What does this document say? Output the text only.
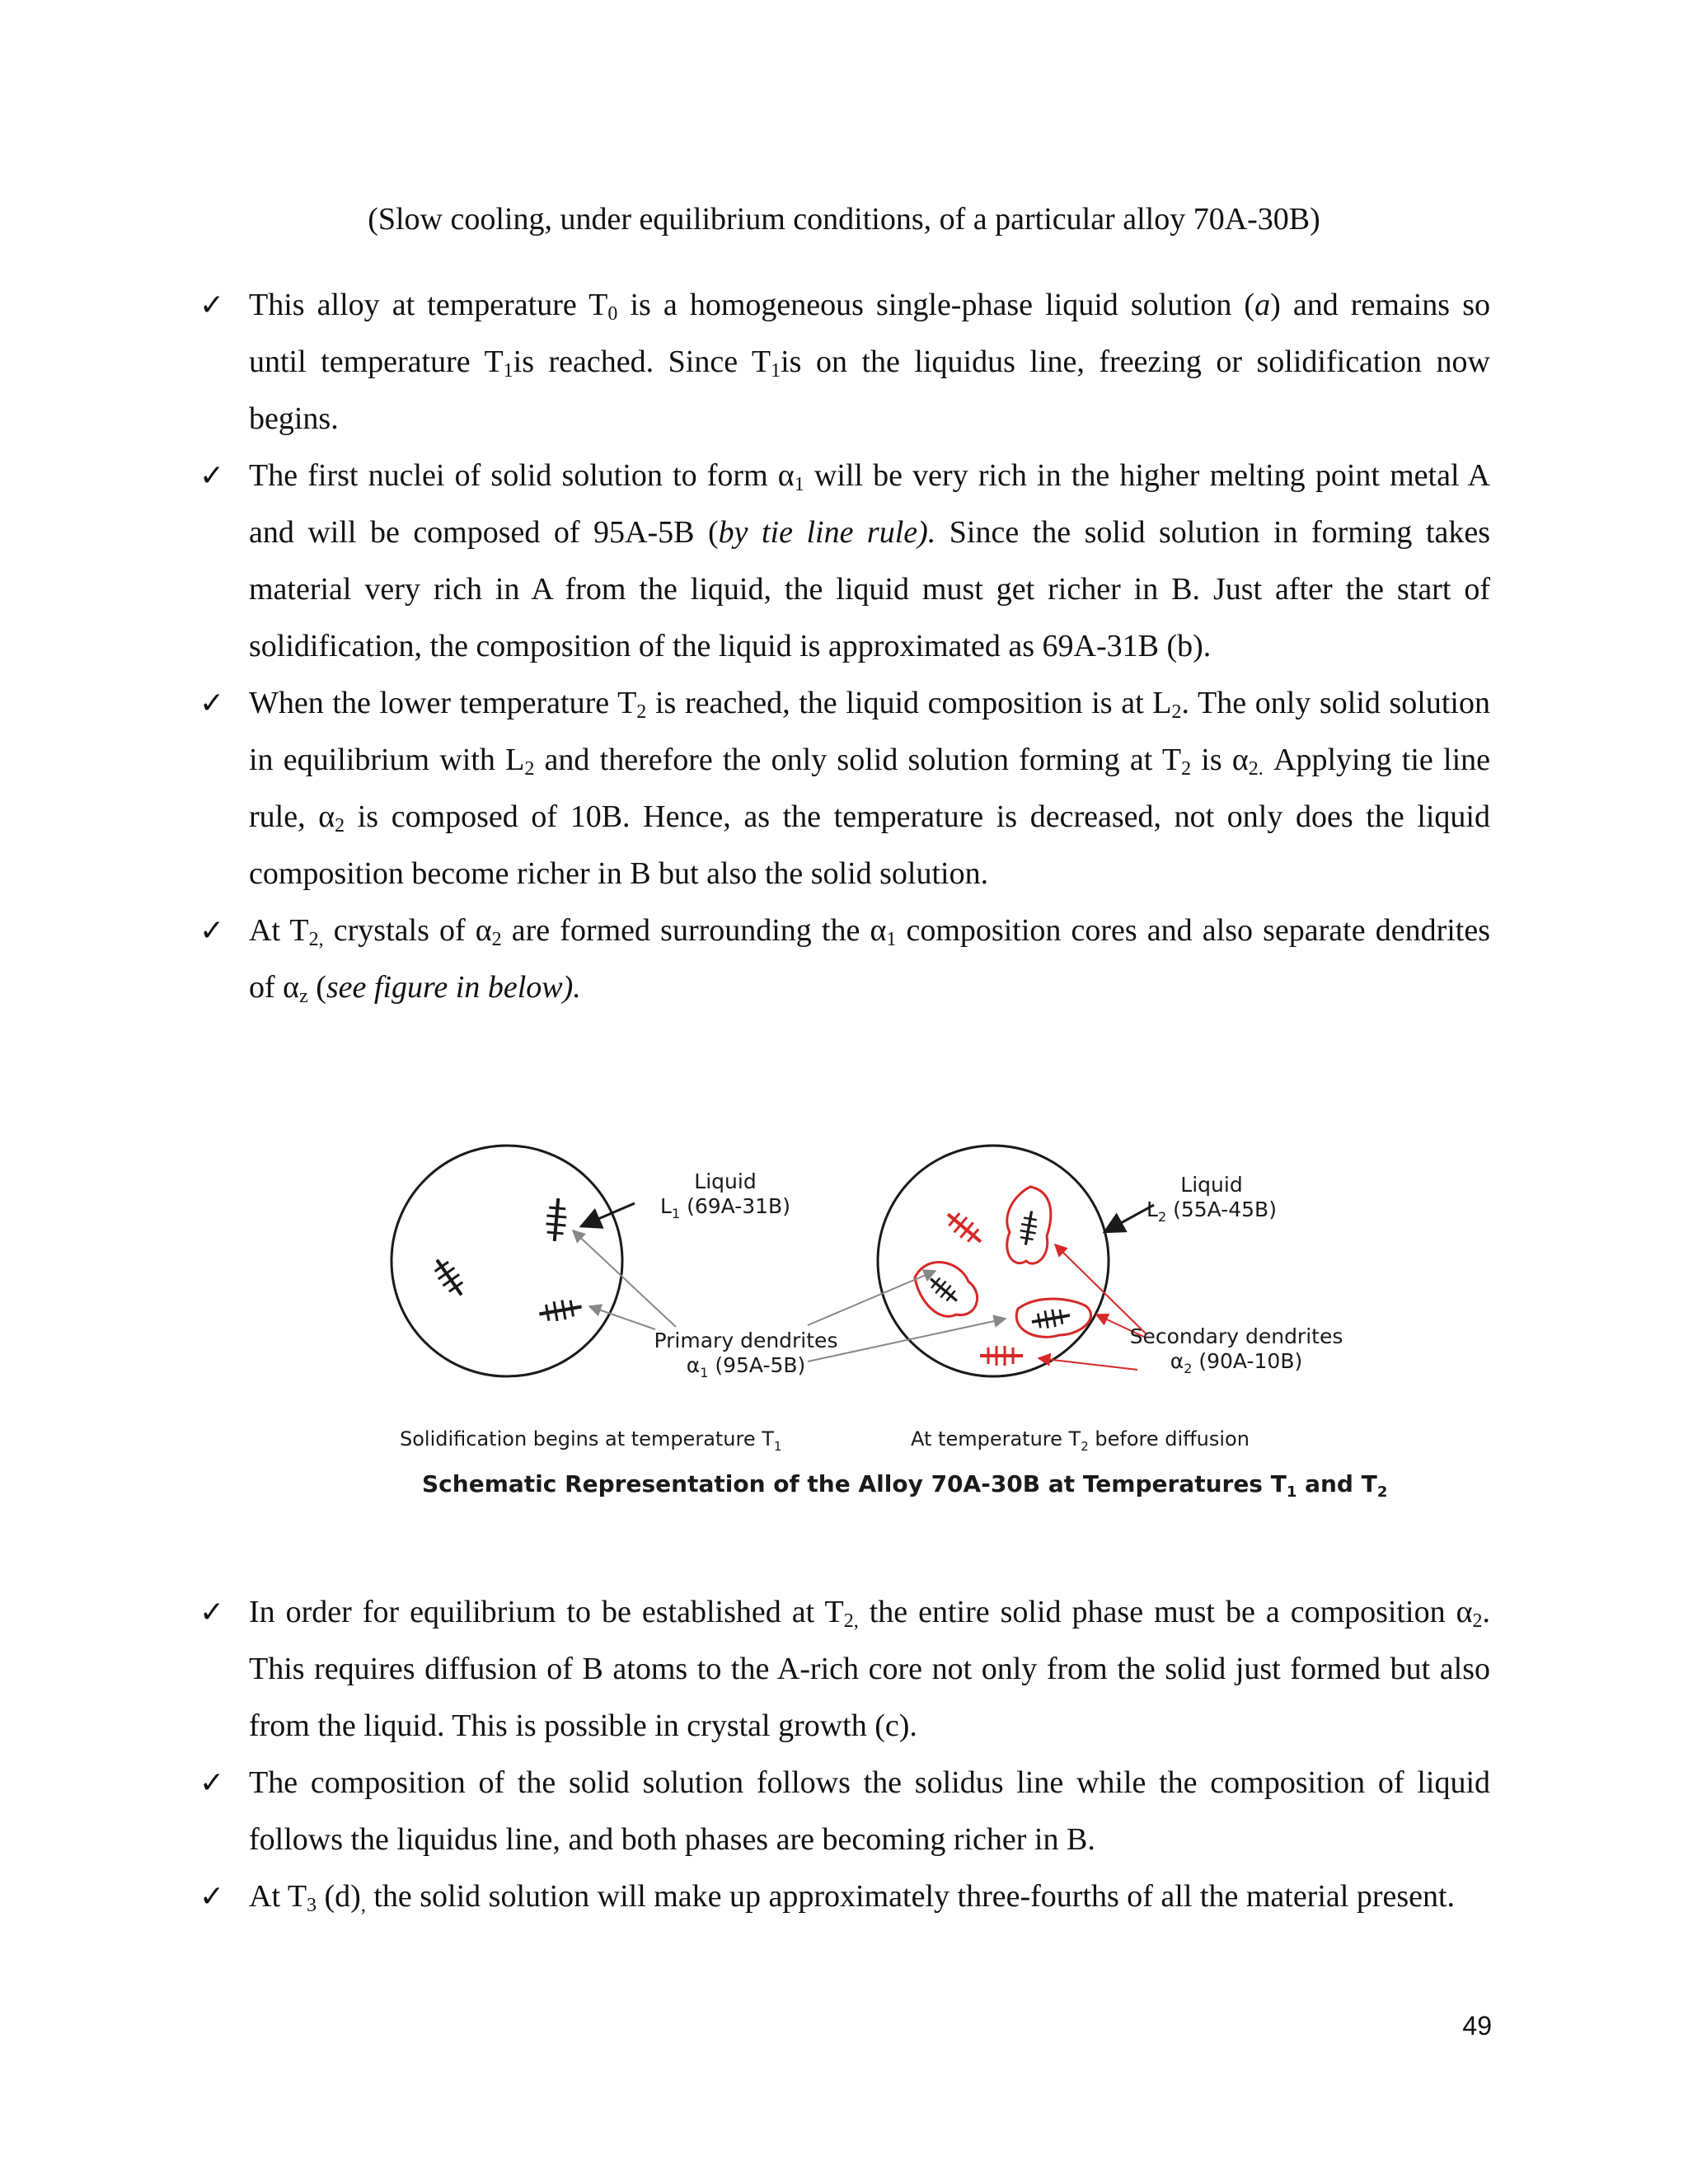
(Slow cooling, under equilibrium conditions, of a particular alloy 70A-30B)
✓ This alloy at temperature $T_0$ is a homogeneous single-phase liquid solution (a) and remains so until temperature $T_1is$ reached. Since $T_1is$ on the liquidus line, freezing or solidification now begins.
✓ The first nuclei of solid solution to form $\alpha_1$ will be very rich in the higher melting point metal A and will be composed of 95A-5B (by tie line rule). Since the solid solution in forming takes material very rich in A from the liquid, the liquid must get richer in B. Just after the start of solidification, the composition of the liquid is approximated as 69A-31B (b).
✓ When the lower temperature $T_2$ is reached, the liquid composition is at $L_2$. The only solid solution in equilibrium with $L_2$ and therefore the only solid solution forming at $T_2$ is $\alpha_{2.}$ Applying tie line rule, $\alpha_2$ is composed of 10B. Hence, as the temperature is decreased, not only does the liquid composition become richer in B but also the solid solution.
✓ At $T_{2,}$ crystals of $\alpha_2$ are formed surrounding the $\alpha_1$ composition cores and also separate dendrites of $\alpha_z$ (see figure in below).
Liquid
$L_1$ (69A-31B)
Liquid
$L_2$ (55A-45B)
Primary dendrites
$\alpha_1$ (95A-5B)
Secondary dendrites
$\alpha_2$ (90A-10B)
Solidification begins at temperature $T_1$	At temperature $T_2$ before diffusion
Schematic Representation of the Alloy 70A-30B at Temperatures $T_1$ and $T_2$
✓ In order for equilibrium to be established at $T_{2,}$ the entire solid phase must be a composition $\alpha_2$. This requires diffusion of B atoms to the A-rich core not only from the solid just formed but also from the liquid. This is possible in crystal growth (c).
✓ The composition of the solid solution follows the solidus line while the composition of liquid follows the liquidus line, and both phases are becoming richer in B.
✓ At $T_3$ $(d)_,$ the solid solution will make up approximately three-fourths of all the material present.
49
